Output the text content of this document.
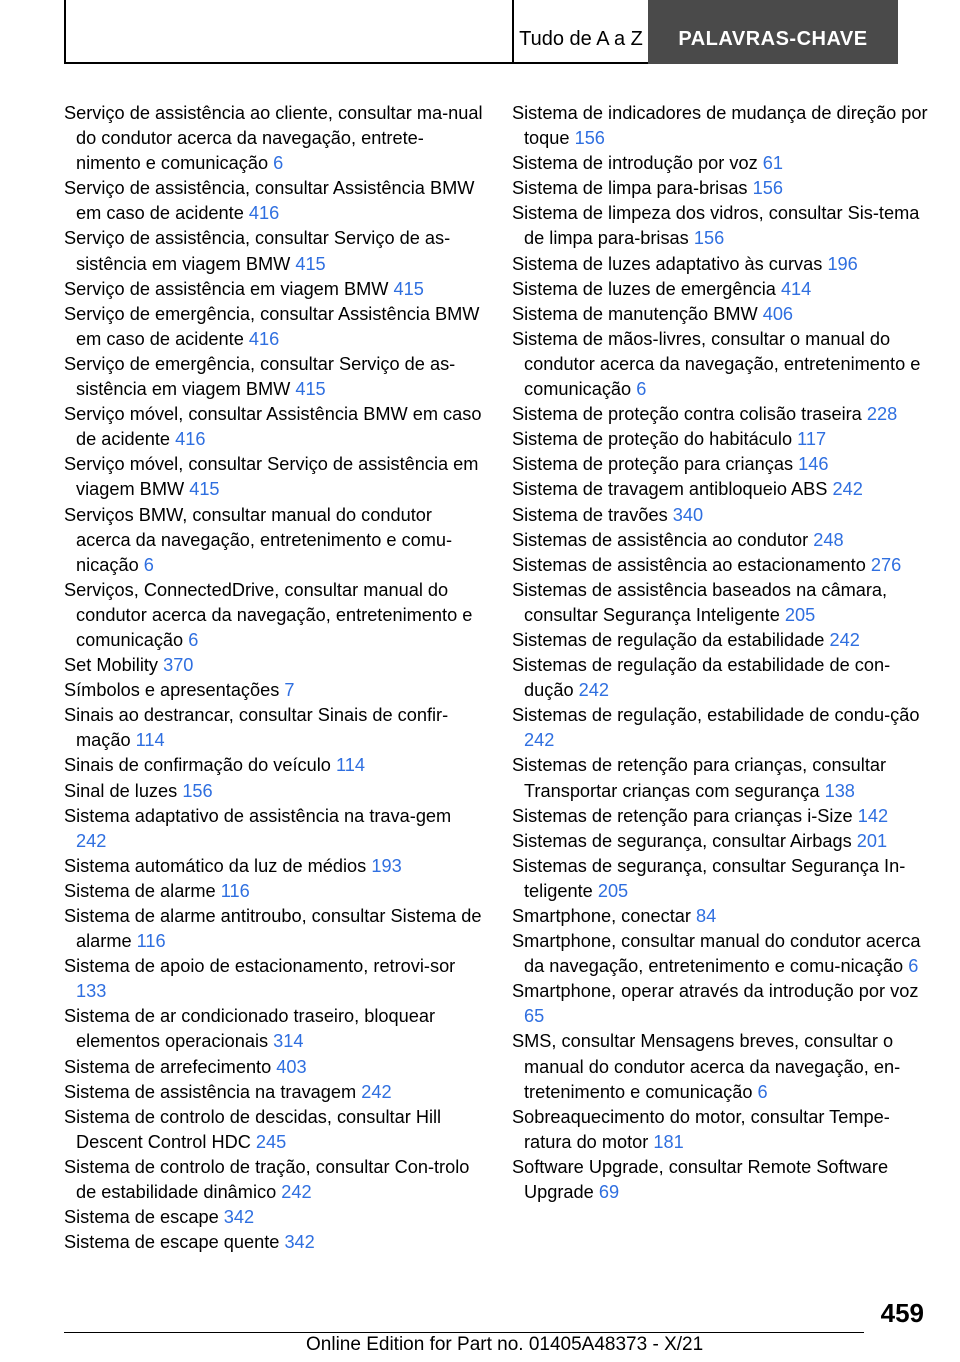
Tudo de A a Z	PALAVRAS-CHAVE

Serviço de assistência ao cliente, consultar ma-nual do condutor acerca da navegação, entrete-nimento e comunicação 6

Serviço de assistência, consultar Assistência BMW em caso de acidente 416

Serviço de assistência, consultar Serviço de as-sistência em viagem BMW 415

Serviço de assistência em viagem BMW 415

Serviço de emergência, consultar Assistência BMW em caso de acidente 416

Serviço de emergência, consultar Serviço de as-sistência em viagem BMW 415

Serviço móvel, consultar Assistência BMW em caso de acidente 416

Serviço móvel, consultar Serviço de assistência em viagem BMW 415

Serviços BMW, consultar manual do condutor acerca da navegação, entretenimento e comu-nicação 6

Serviços, ConnectedDrive, consultar manual do condutor acerca da navegação, entretenimento e comunicação 6

Set Mobility 370

Símbolos e apresentações 7

Sinais ao destrancar, consultar Sinais de confir-mação 114

Sinais de confirmação do veículo 114

Sinal de luzes 156

Sistema adaptativo de assistência na trava-gem 242

Sistema automático da luz de médios 193

Sistema de alarme 116

Sistema de alarme antitroubo, consultar Sistema de alarme 116

Sistema de apoio de estacionamento, retrovi-sor 133

Sistema de ar condicionado traseiro, bloquear elementos operacionais 314

Sistema de arrefecimento 403

Sistema de assistência na travagem 242

Sistema de controlo de descidas, consultar Hill Descent Control HDC 245

Sistema de controlo de tração, consultar Con-trolo de estabilidade dinâmico 242

Sistema de escape 342

Sistema de escape quente 342

Sistema de indicadores de mudança de direção por toque 156

Sistema de introdução por voz 61

Sistema de limpa para-brisas 156

Sistema de limpeza dos vidros, consultar Sis-tema de limpa para-brisas 156

Sistema de luzes adaptativo às curvas 196

Sistema de luzes de emergência 414

Sistema de manutenção BMW 406

Sistema de mãos-livres, consultar o manual do condutor acerca da navegação, entretenimento e comunicação 6

Sistema de proteção contra colisão traseira 228

Sistema de proteção do habitáculo 117

Sistema de proteção para crianças 146

Sistema de travagem antibloqueio ABS 242

Sistema de travões 340

Sistemas de assistência ao condutor 248

Sistemas de assistência ao estacionamento 276

Sistemas de assistência baseados na câmara, consultar Segurança Inteligente 205

Sistemas de regulação da estabilidade 242

Sistemas de regulação da estabilidade de con-dução 242

Sistemas de regulação, estabilidade de condu-ção 242

Sistemas de retenção para crianças, consultar Transportar crianças com segurança 138

Sistemas de retenção para crianças i-Size 142

Sistemas de segurança, consultar Airbags 201

Sistemas de segurança, consultar Segurança In-teligente 205

Smartphone, conectar 84

Smartphone, consultar manual do condutor acerca da navegação, entretenimento e comu-nicação 6

Smartphone, operar através da introdução por voz 65

SMS, consultar Mensagens breves, consultar o manual do condutor acerca da navegação, en-tretenimento e comunicação 6

Sobreaquecimento do motor, consultar Tempe-ratura do motor 181

Software Upgrade, consultar Remote Software Upgrade 69

459
Online Edition for Part no. 01405A48373 - X/21
